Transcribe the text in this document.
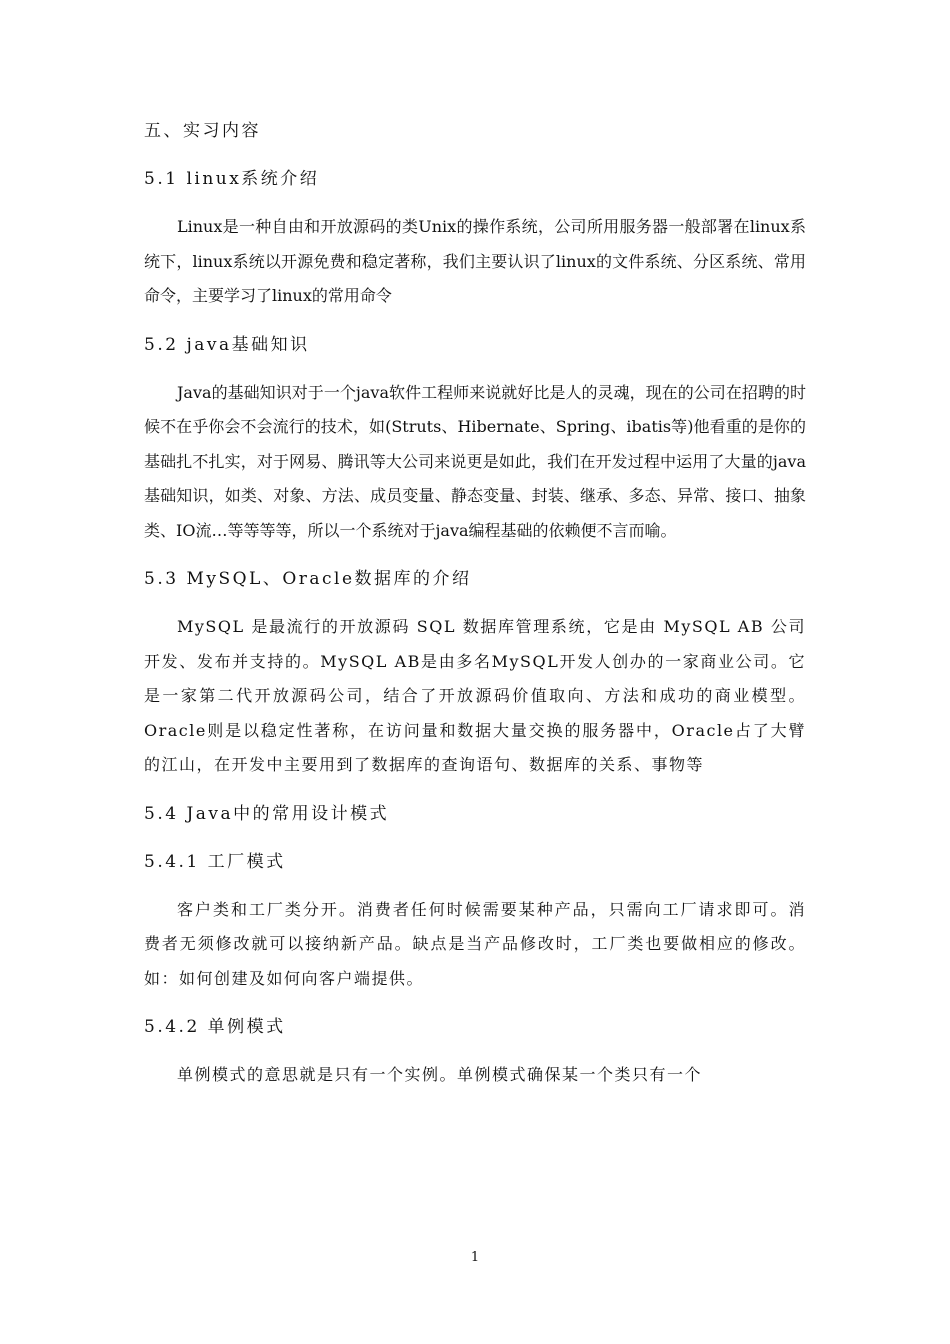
五、实习内容
5.1 linux系统介绍

Linux是一种自由和开放源码的类Unix的操作系统，公司所用服务器一般部署在linux系统下，linux系统以开源免费和稳定著称，我们主要认识了linux的文件系统、分区系统、常用命令，主要学习了linux的常用命令

5.2 java基础知识

Java的基础知识对于一个java软件工程师来说就好比是人的灵魂，现在的公司在招聘的时候不在乎你会不会流行的技术，如(Struts、Hibernate、Spring、ibatis等)他看重的是你的基础扎不扎实，对于网易、腾讯等大公司来说更是如此，我们在开发过程中运用了大量的java基础知识，如类、对象、方法、成员变量、静态变量、封装、继承、多态、异常、接口、抽象类、IO流…等等等等，所以一个系统对于java编程基础的依赖便不言而喻。

5.3 MySQL、Oracle数据库的介绍

MySQL 是最流行的开放源码 SQL 数据库管理系统，它是由 MySQL AB 公司开发、发布并支持的。MySQL AB是由多名MySQL开发人创办的一家商业公司。它是一家第二代开放源码公司，结合了开放源码价值取向、方法和成功的商业模型。Oracle则是以稳定性著称，在访问量和数据大量交换的服务器中，Oracle占了大臂的江山，在开发中主要用到了数据库的查询语句、数据库的关系、事物等

5.4 Java中的常用设计模式
5.4.1 工厂模式

客户类和工厂类分开。消费者任何时候需要某种产品，只需向工厂请求即可。消费者无须修改就可以接纳新产品。缺点是当产品修改时，工厂类也要做相应的修改。如：如何创建及如何向客户端提供。

5.4.2 单例模式

单例模式的意思就是只有一个实例。单例模式确保某一个类只有一个

1
